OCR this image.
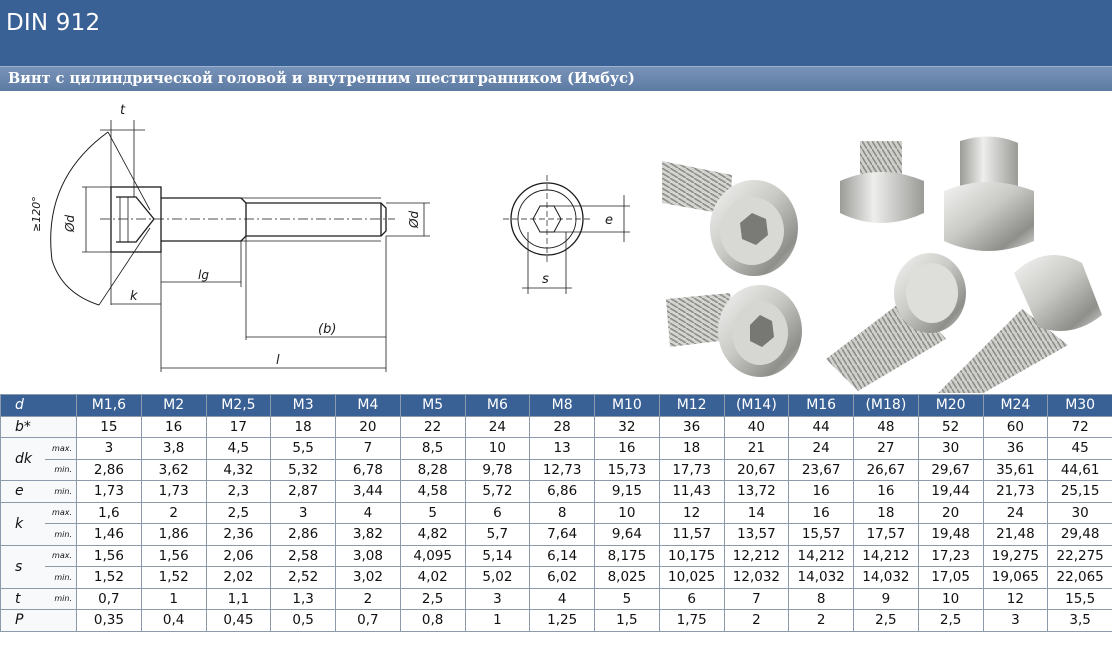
DIN 912
Винт с цилиндрической головой и внутренним шестигранником (Имбус)
t
≥120° Ød
lg
k
(b)
l
Ød	e
s
d		M1,6	M2	M2,5	M3	M4	M5	M6	M8	M10	M12	(M14)	M16	(M18)	M20	M24	M30
b*		15	16	17	18	20	22	24	28	32	36	40	44	48	52	60	72
dk	max.	3	3,8	4,5	5,5	7	8,5	10	13	16	18	21	24	27	30	36	45
	min.	2,86	3,62	4,32	5,32	6,78	8,28	9,78	12,73	15,73	17,73	20,67	23,67	26,67	29,67	35,61	44,61
e	min.	1,73	1,73	2,3	2,87	3,44	4,58	5,72	6,86	9,15	11,43	13,72	16	16	19,44	21,73	25,15
k	max.	1,6	2	2,5	3	4	5	6	8	10	12	14	16	18	20	24	30
	min.	1,46	1,86	2,36	2,86	3,82	4,82	5,7	7,64	9,64	11,57	13,57	15,57	17,57	19,48	21,48	29,48
s	max.	1,56	1,56	2,06	2,58	3,08	4,095	5,14	6,14	8,175	10,175	12,212	14,212	14,212	17,23	19,275	22,275
	min.	1,52	1,52	2,02	2,52	3,02	4,02	5,02	6,02	8,025	10,025	12,032	14,032	14,032	17,05	19,065	22,065
t	min.	0,7	1	1,1	1,3	2	2,5	3	4	5	6	7	8	9	10	12	15,5
P		0,35	0,4	0,45	0,5	0,7	0,8	1	1,25	1,5	1,75	2	2	2,5	2,5	3	3,5
